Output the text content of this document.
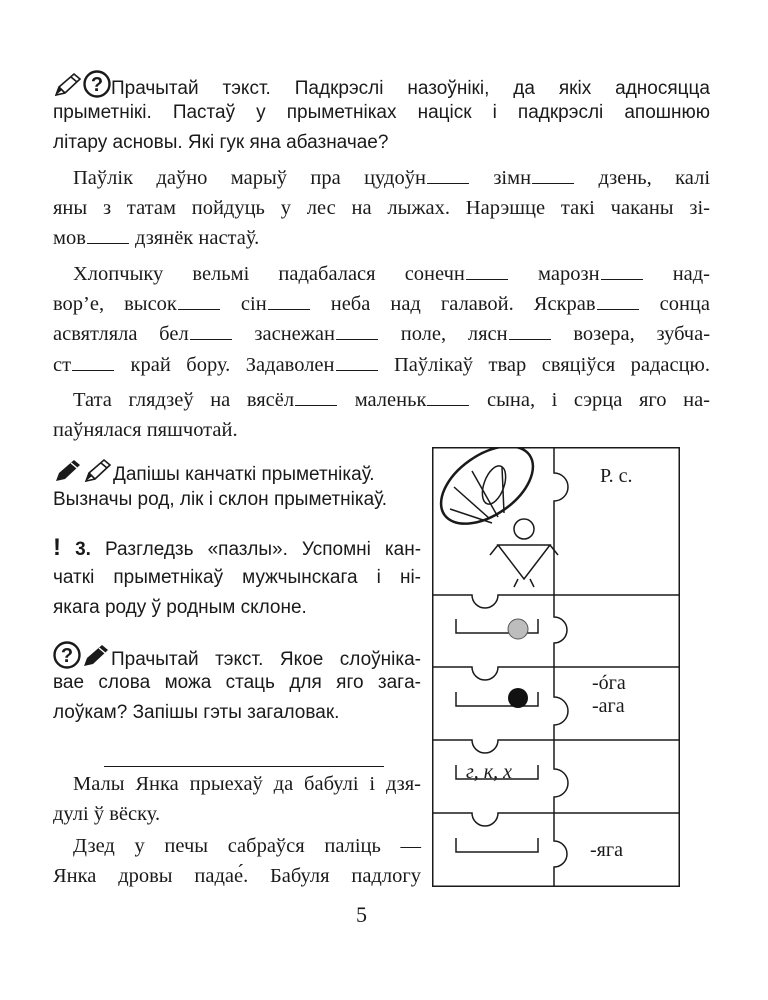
? Прачытай тэкст. Падкрэслі назоўнікі, да якіх адносяцца
прыметнікі. Пастаў у прыметніках націск і падкрэслі апошнюю
літару асновы. Які гук яна абазначае?
Паўлік даўно марыў пра цудоўн	зімн	дзень, калі
яны з татам пойдуць у лес на лыжах. Нарэшце такі чаканы зі-
мов дзянёк настаў.
Хлопчыку вельмі падабалася сонечн	марозн	над-
вор’е, высок	сін	неба над галавой. Яскрав	сонца
асвятляла бел	заснежан	поле, лясн	возера, зубча-
ст	край бору. Задаволен	Паўлікаў твар свяціўся радасцю.
Тата глядзеў на вясёл	маленьк	сына, і сэрца яго на-
паўнялася пяшчотай.
Дапішы канчаткі прыметнікаў.
Вызначы род, лік і склон прыметнікаў.
! 3. Разгледзь «пазлы». Успомні кан-
чаткі прыметнікаў мужчынскага і ні-
якага роду ў родным склоне.
? Прачытай тэкст. Якое слоўніка-
вае слова можа стаць для яго загa-
лоўкам? Запішы гэты загаловак.
Малы Янка прыехаў да бабулі і дзя-
дулі ў вёску.
Дзед у печы сабраўся паліць —
Янка дровы падае́. Бабуля падлогу
Р. с.
-óга
-ага
г, к, х
-яга
5
